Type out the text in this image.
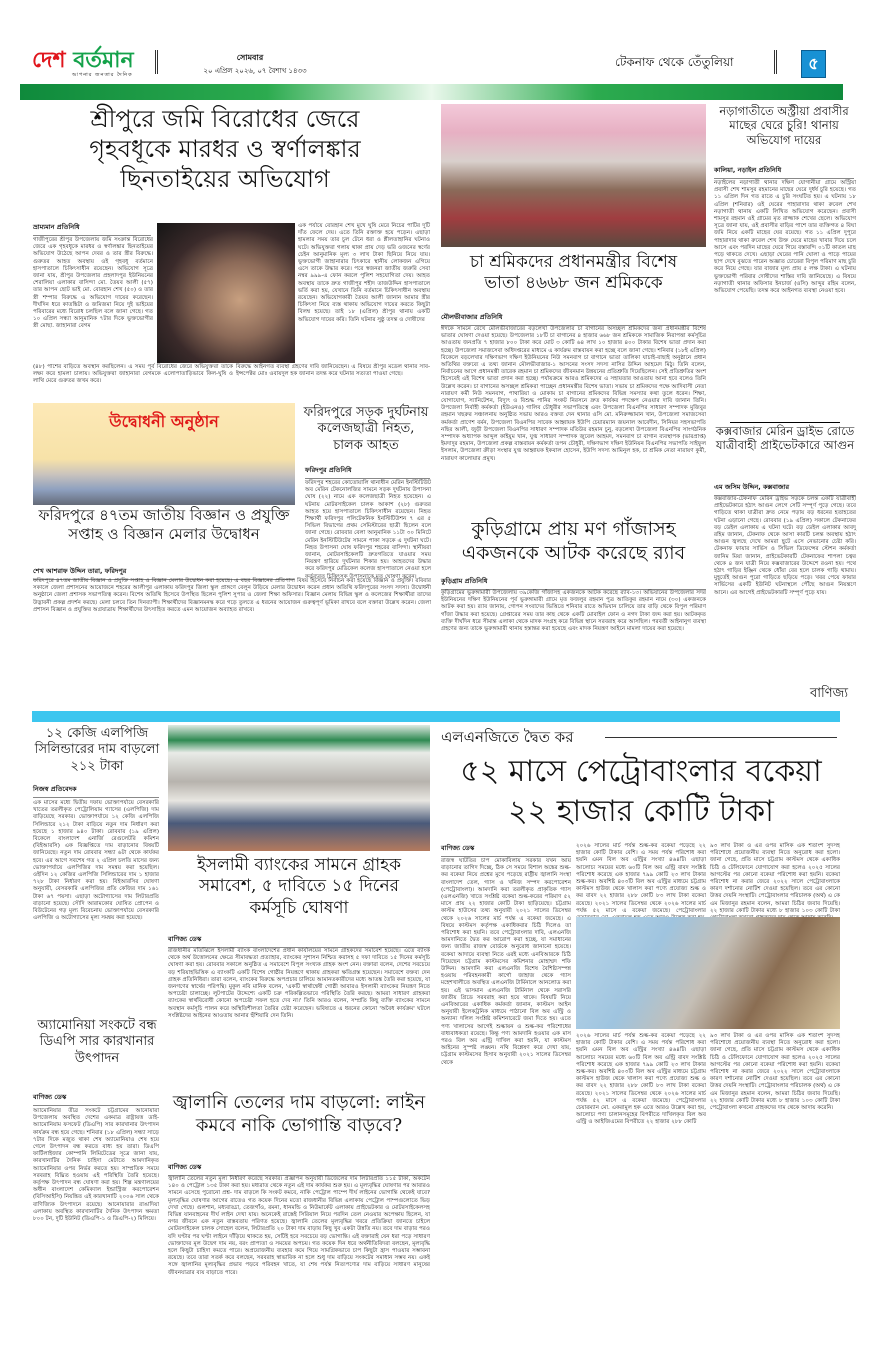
দেশ বর্তমান
আপনার জনতার দৈনিক
সোমবার
২০ এপ্রিল ২০২৬, ০৭ বৈশাখ ১৪৩৩
টেকনাফ থেকে তেঁতুলিয়া	৫
শ্রীপুরে জমি বিরোধের জেরে
গৃহবধূকে মারধর ও স্বর্ণালঙ্কার
ছিনতাইয়ের অভিযোগ
ভ্রাম্যমান প্রতিনিধি
গাজীপুরের শ্রীপুর উপজেলায় জমি সংক্রান্ত বিরোধের জেরে এক গৃহবধূকে মারধর ও স্বর্ণালঙ্কার ছিনতাইয়ের অভিযোগ উঠেছে আপন দেবর ও তার স্ত্রীর বিরুদ্ধে। গুরুতর আহত অবস্থায় ওই গৃহবধূ বর্তমানে হাসপাতালে চিকিৎসাধীন রয়েছেন। অভিযোগ সূত্রে জানা যায়, শ্রীপুর উপজেলার প্রহলাদপুর ইউনিয়নের শেরালিয়া এলাকার বাসিন্দা মো. তৈয়ব আলী (৫৭) তার আপন ছোট ভাই মো. বোরহান শেখ (৫০) ও তার স্ত্রী শম্পার বিরুদ্ধে এ অভিযোগ দায়ের করেছেন। দীর্ঘদিন ধরে কাতঙ্কিটা ও জমিজমা নিয়ে দুই ভাইয়ের পরিবারের মধ্যে বিরোধ চলছিল বলে জানা গেছে। গত ১০ এপ্রিল সন্ধ্যা আনুমানিক ৭টার দিকে ভুক্তভোগীর স্ত্রী মোছা. জাহানারা বেগম
(৪৮) পাশের বাড়িতে অবস্থান করছিলেন। এ সময় পূর্ব বিরোধের জেরে অভিযুক্তরা তাকে লক্ষ্য করে হামলা চালায়। অভিযুক্তরা জাহানারা বেগমকে এলোপাতাড়িভাবে কিল-ঘুষি ও লাথি মেরে গুরুতর জখম করে।
এক পর্যায়ে বোরহান শেখ মুখে ঘুষি মেরে নিচের পাটির দুটি দাঁত ফেলে দেয়। এতে তিনি রক্তাক্ত হয়ে পড়েন। এছাড়া হামলার সময় তার চুল টেনে ধরা ও শ্লীলতাহানির ঘটনাও ঘটে। অভিযুক্তরা গলায় থাকা প্রায় দেড় ভরি ওজনের স্বর্ণের চেইন আনুমানিক মূল্য ৩ লাখ টাকা ছিনিয়ে নিয়ে যায়। ভুক্তভোগী জাহানারার চিৎকারে স্থানীয় লোকজন এগিয়ে এসে তাকে উদ্ধার করে। পরে স্বজনরা জাতীয় জরুরি সেবা নম্বর ৯৯৯-এ ফোন করলে পুলিশ সহযোগিতা দেয়। আহত অবস্থায় তাকে দ্রুত গাজীপুর শহীদ তাজউদ্দিন হাসপাতালে ভর্তি করা হয়, যেখানে তিনি বর্তমানে চিকিৎসাধীন অবস্থায় রয়েছেন। অভিযোগকারী তৈয়ব আলী জানান আমার স্ত্রীর চিকিৎসা নিয়ে ব্যস্ত থাকায় অভিযোগ দায়ের করতে কিছুটা বিলম্ব হয়েছে। তাই ১৮ (এপ্রিল) শ্রীপুর থানায় একটি অভিযোগ দায়ের করি। তিনি ঘটনার সুষ্ঠু তদন্ত ও দোষীদের
বিরুদ্ধে আইনগত ব্যবস্থা গ্রহণের দাবি জানিয়েছেন। এ বিষয়ে শ্রীপুর মডেল থানার সাব-ইন্সপেক্টর মোঃ ওবায়দুল হক জানান তদন্ত করে ঘটনার সত্যতা পাওয়া গেছে।
চা শ্রমিকদের প্রধানমন্ত্রীর বিশেষ
ভাতা ৪৬৬৮ জন শ্রমিককে
মৌলভীবাজার প্রতিনিধি
ঈদকে সামনে রেখে মৌলভীবাজারের বড়লেখা উপজেলার চা বাগানের অসচ্ছল শ্রমিকদের জন্য প্রধানমন্ত্রীর বিশেষ ভাতার ঘোষণা দেওয়া হয়েছে। উপজেলার ১৮টি চা বাগানের ৪ হাজার ৬৬৮ জন শ্রমিককে সামাজিক নিরাপত্তা কর্মসূচির আওতায় জনপ্রতি ৭ হাজার ৮০০ টাকা করে মোট ৩ কোটি ৬৪ লাখ ১০ হাজার ৪০০ টাকার বিশেষ ভাতা প্রদান করা হচ্ছে। উপজেলা সমাজসেবা অধিদপ্তরের মাধ্যমে এ কার্যক্রম বাস্তবায়ন করা হচ্ছে বলে জানা গেছে। শনিবার (১৮ই এপ্রিল) বিকেলে বড়লেখার দক্ষিণভাগ দক্ষিণ ইউনিয়নের নিউ সমনবাগ চা বাগানে ভাতা তালিকা যাচাই-বাছাই অনুষ্ঠানে প্রধান অতিথির বক্তব্যে এ তথ্য জানান মৌলভীবাজার-১ আসনের সংসদ সদস্য নাসির উদ্দিন আহমেদ মিঠু। তিনি বলেন, নির্বাচনের আগে প্রধানমন্ত্রী তারেক রহমান চা শ্রমিকদের জীবনমান উন্নয়নের প্রতিশ্রুতি দিয়েছিলেন। সেই প্রতিশ্রুতির অংশ হিসেবেই এই বিশেষ ভাতা প্রদান করা হচ্ছে। পর্যায়ক্রমে আরও শ্রমিকদের এ সহায়তার আওতায় আনা হবে বলেও তিনি উল্লেখ করেন। চা বাগানের অসচ্ছল শ্রমিকরা পাচ্ছেন প্রধানমন্ত্রীর বিশেষ ভাতা। সভায় চা শ্রমিকদের পক্ষে আদিবাসী নেতা নারায়ণ কর্মী নিউ সমনবাগ, পাথারিয়া ও মোকাম চা বাগানের শ্রমিকদের বিভিন্ন সমস্যার কথা তুলে ধরেন। শিক্ষা, যোগাযোগ, স্যানিটেশন, বিদ্যুৎ ও বিশুদ্ধ পানির সংকট নিরসনে দ্রুত কার্যকর পদক্ষেপ নেওয়ার দাবি জানান তিনি। উপজেলা নির্বাহী কর্মকর্তা (ইউএনও) গালিব চৌধুরীর সভাপতিত্বে এবং উপজেলা বিএনপির সাধারণ সম্পাদক মুজিবুর রহমান খছরুর সঞ্চালনায় অনুষ্ঠিত সভায় আরও বক্তব্য দেন থানার ওসি মো. মনিরুজ্জামান খান, উপজেলা সমাজসেবা কর্মকর্তা প্রাণেশ বর্মন, উপজেলা বিএনপির সাবেক আহ্বায়ক ইউপি চেয়ারম্যান জয়নাল আবেদীন, সিনিয়র সহসভাপতি নছির আলী, জুড়ী উপজেলা বিএনপির সাধারণ সম্পাদক মতিউর রহমান চুনু, বড়লেখা উপজেলা বিএনপির সাংগঠনিক সম্পাদক অধ্যাপক আব্দুল কাইয়ুম খান, যুগ্ম সাধারণ সম্পাদক জুবেল আহমদ, সমনবাগ চা বাগান ব্যবস্থাপক (ভারপ্রাপ্ত) ইমদাদুর রহমান, উপজেলা প্রকল্প বাস্তবায়ন কর্মকর্তা তপন চৌধুরী, দক্ষিণভাগ দক্ষিণ ইউনিয়ন বিএনপির সভাপতি সাইফুল ইসলাম, উপজেলা ক্রীড়া সংস্থার যুগ্ম আহ্বায়ক ইকবাল হোসেন, ইউপি সদস্য আমিনুল হক, চা শ্রমিক নেতা নারায়ণ কুর্মী, নারায়ণ কালোয়ার প্রমুখ।
নড়াগাতীতে অস্ট্রীয়া প্রবাসীর মাছের ঘেরে চুরি! থানায় অভিযোগ দায়ের
কালিয়া, নড়াইল প্রতিনিধি
নড়াইলের নড়াগাতী থানার দক্ষিণ যোগানীয়া গ্রামে অস্ট্রিয়া প্রবাসী শেখ শামসুর রহমানের মাছের ঘেরে দুর্ধর্ষ চুরি হয়েছে। গত ১১ এপ্রিল দিন গত রাতে এ চুরি সংঘটিত হয়। এ ঘটনায় ১৮ এপ্রিল (শনিবার) ওই ঘেরের পাহারাদার থাকা রুবেল শেখ নড়াগাতী থানায় একটি লিখিত অভিযোগ করেছেন। প্রবাসী শামসুর রহমান ওই গ্রামের মৃত রাজ্জাক শেখের ছেলে। অভিযোগ সূত্রে জানা যায়, ওই প্রবাসীর বাড়ির পাশে তার ব্যক্তিগত ৪ বিঘা জমি নিয়ে একটি মাছের ঘের রয়েছে। গত ১১ এপ্রিল দুপুরে পাহারাদার থাকা রুবেল শেখ উক্ত ঘেরে মাছের খাবার দিয়ে চলে আসে এবং পরদিন মাছের ঘেরে গিয়ে বস্তাবন্দি ০১টি কাতল মাছ পড়ে থাকতে দেখে। এছাড়া ঘেরের পানি ঘোলা ও পাড়ে পায়ের ছাপ দেখে বুঝতে পারেন অজ্ঞাত চোরেরা বিপুল পরিমাণ মাছ চুরি করে নিয়ে গেছে। যার বাজার মূল্য প্রায় ৫ লক্ষ টাকা। এ ঘটনায় ভুক্তভোগী পরিবার দোষীদের শাস্তির দাবি জানিয়েছে। এ বিষয়ে নড়াগাতী থানার অফিসার ইনচার্জ (ওসি) আব্দুর রহিম বলেন, অভিযোগ পেয়েছি। তদন্ত করে আইনগত ব্যবস্থা নেওয়া হবে।
উদ্বোধনী অনুষ্ঠান
ফরিদপুরে ৪৭তম জাতীয় বিজ্ঞান ও প্রযুক্তি
সপ্তাহ ও বিজ্ঞান মেলার উদ্বোধন
শেখ আশরাফ উদ্দিন তারা, ফরিদপুর
ফরিদপুরে ৪৭তম জাতীয় বিজ্ঞান ও প্রযুক্তি সপ্তাহ ও বিজ্ঞান মেলার উদ্বোধন করা হয়েছে। এ বছর বিজ্ঞানের প্রতিপাদ্য বিষয় হিসেবে নির্বাচন করা হয়েছে বিজ্ঞান ও প্রযুক্তি। রবিবার সকালে জেলা প্রশাসনের আয়োজনে শহরের আলীপুর এলাকায় ফরিদপুর জিলা স্কুল প্রাঙ্গণে বেলুন উড়িয়ে মেলার উদ্বোধন করেন প্রধান অতিথি ফরিদপুরের সংসদ সদস্য। উদ্বোধনী অনুষ্ঠানে জেলা প্রশাসক সভাপতিত্ব করেন। বিশেষ অতিথি হিসেবে উপস্থিত ছিলেন পুলিশ সুপার ও জেলা শিক্ষা অফিসার। বিজ্ঞান মেলায় বিভিন্ন স্কুল ও কলেজের শিক্ষার্থীরা তাদের উদ্ভাবনী প্রকল্প প্রদর্শন করছে। মেলা চলবে তিন দিনব্যাপী। শিক্ষার্থীদের বিজ্ঞানমনস্ক করে গড়ে তুলতে এ ধরনের আয়োজন গুরুত্বপূর্ণ ভূমিকা রাখবে বলে বক্তারা উল্লেখ করেন। জেলা প্রশাসন বিজ্ঞান ও প্রযুক্তির অগ্রযাত্রায় শিক্ষার্থীদের উৎসাহিত করতে এমন আয়োজন অব্যাহত রাখবে।
ফরিদপুরে সড়ক দুর্ঘটনায় কলেজছাত্রী নিহত, চালক আহত
ফরিদপুর প্রতিনিধি
ফরিদপুর শহরের কোতোয়ালি থানাধীন মেরিন ইনস্টিটিউট অব মেরিন টেকনোলজির সামনে সড়ক দুর্ঘটনায় উপাসনা ঘোষ (২২) নামে এক কলেজছাত্রী নিহত হয়েছেন। এ ঘটনায় মোটরসাইকেল চালক আকাশ (২৮) গুরুতর আহত হয়ে হাসপাতালে চিকিৎসাধীন রয়েছেন। নিহত শিক্ষার্থী ফরিদপুর পলিটেকনিক ইনস্টিটিউশন ৭ এর ৫ সিভিল বিভাগের প্রথম সেমিস্টারের ছাত্রী ছিলেন বলে জানা গেছে। রোববার বেলা আনুমানিক ১১টা ৩০ মিনিটে মেরিন ইনস্টিটিউটের সামনে পাকা সড়কে এ দুর্ঘটনা ঘটে। নিহত উপাসনা ঘোষ ফরিদপুর শহরের বাসিন্দা। স্থানীয়রা জানান, মোটরসাইকেলটি দ্রুতগতিতে যাওয়ার সময় নিয়ন্ত্রণ হারিয়ে দুর্ঘটনার শিকার হয়। আহতদের উদ্ধার করে ফরিদপুর মেডিকেল কলেজ হাসপাতালে নেওয়া হলে কর্তব্যরত চিকিৎসক উপাসনাকে মৃত ঘোষণা করেন।
কুড়িগ্রামে প্রায় মণ গাঁজাসহ
একজনকে আটক করেছে র‍্যাব
কুড়িগ্রাম প্রতিনিধি
কুড়িগ্রামের ভুরুঙ্গামারী উপজেলায় ৩৯কেজি গাঁজাসহ একজনকে আটক করেছে র‍্যাব-১৩। অভিযানের উপজেলার সদর ইউনিয়নের দক্ষিণ ইউনিয়নের পূর্ব ভুরুঙ্গামারী গ্রামে মৃত ফজলুর রহমান পুত্র আতিকুর রহমান নামে (৩০) একজনকে আটক করা হয়। র‍্যাব জানায়, গোপন সংবাদের ভিত্তিতে শনিবার রাতে অভিযান চালিয়ে তার বাড়ি থেকে বিপুল পরিমাণ গাঁজা উদ্ধার করা হয়েছে। গ্রেপ্তারের সময় তার কাছ থেকে একটি মোবাইল ফোন ও নগদ টাকা জব্দ করা হয়। আটককৃত ব্যক্তি দীর্ঘদিন ধরে সীমান্ত এলাকা থেকে মাদক সংগ্রহ করে বিভিন্ন স্থানে সরবরাহ করে আসছিল। পরবর্তী আইনানুগ ব্যবস্থা গ্রহণের জন্য তাকে ভুরুঙ্গামারী থানায় হস্তান্তর করা হয়েছে এবং মাদক নিয়ন্ত্রণ আইনে মামলা দায়ের করা হয়েছে।
কক্সবাজার মেরিন ড্রাইভ রোডে যাত্রীবাহী প্রাইভেটকারে আগুন
এম জসিম উদ্দিন, কক্সবাজার
কক্সবাজার-টেকনাফ মেরিন ড্রাইভ সড়কে চলন্ত একটি যাত্রীবাহী প্রাইভেটকারে হঠাৎ আগুন লেগে সেটি সম্পূর্ণ পুড়ে গেছে। তবে গাড়িতে থাকা যাত্রীরা দ্রুত নেমে পড়ায় বড় ধরনের হতাহতের ঘটনা এড়ানো গেছে। রোববার (১৯ এপ্রিল) সকালে টেকনাফের বড় ডেইল এলাকায় এ ঘটনা ঘটে। বড় ডেইল এলাকার আবদু রহিম জানান, টেকনাফ থেকে আসা কারটি চলন্ত অবস্থায় হঠাৎ আগুন জ্বলছে দেখে আমরা ছুটে এসে নেভানোর চেষ্টা করি। টেকনাফ ফায়ার সার্ভিস ও সিভিল ডিফেন্সের স্টেশন কর্মকর্তা জানিম মিয়া জানান, প্রাইভেটকারটি টেকনাফের শাপলা চত্বর থেকে ৪ জন যাত্রী নিয়ে কক্সবাজারের উদ্দেশে রওনা হয়। পথে হঠাৎ গাড়ির ইঞ্জিন থেকে ধোঁয়া বের হলে চালক গাড়ি থামায়। মুহূর্তেই আগুন পুরো গাড়িতে ছড়িয়ে পড়ে। খবর পেয়ে ফায়ার সার্ভিসের একটি ইউনিট ঘটনাস্থলে পৌঁছে আগুন নিয়ন্ত্রণে আনে। এর আগেই প্রাইভেটকারটি সম্পূর্ণ পুড়ে যায়।
বাণিজ্য
১২ কেজি এলপিজি সিলিন্ডারের দাম বাড়লো ২১২ টাকা
নিজস্ব প্রতিবেদক
এক মাসের মধ্যে দ্বিতীয় দফায় ভোক্তাপর্যায়ে বেসরকারি খাতের তরলীকৃত পেট্রোলিয়াম গ্যাসের (এলপিজি) দাম বাড়িয়েছে সরকার। ভোক্তাপর্যায়ে ১২ কেজি এলপিজি সিলিন্ডারে ২১২ টাকা বাড়িয়ে নতুন দাম নির্ধারণ করা হয়েছে ১ হাজার ৯৪০ টাকা। রোববার (১৯ এপ্রিল) বিকেলে বাংলাদেশ এনার্জি রেগুলেটরি কমিশন (বিইআরসি) এক বিজ্ঞপ্তিতে দাম বাড়ানোর বিষয়টি জানিয়েছে। নতুন দাম রোববার সন্ধ্যা ৬টা থেকে কার্যকর হবে। এর আগে সবশেষ গত ২ এপ্রিল চলতি মাসের জন্য ভোক্তাপর্যায়ে এলপিজির দাম সমন্বয় করা হয়েছিল। ওইদিন ১২ কেজির এলপিজি সিলিন্ডারের দাম ১ হাজার ৭২৮ টাকা নির্ধারণ করা হয়। বিইআরসির ঘোষণা অনুযায়ী, বেসরকারি এলপিজির প্রতি কেজির দাম ১৬১ টাকা ৬৭ পয়সা। এছাড়া অটোগ্যাসের দাম লিটারপ্রতি বাড়ানো হয়েছে। সৌদি আরামকোর ঘোষিত প্রোপেন ও বিউটেনের গড় মূল্য বিবেচনায় ভোক্তাপর্যায়ে বেসরকারি এলপিজি ও অটোগ্যাসের মূল্য সমন্বয় করা হয়েছে।
অ্যামোনিয়া সংকটে বন্ধ ডিএপি সার কারখানার উৎপাদন
বাণিজ্য ডেস্ক
অ্যামোনিয়ার তীব্র সংকটে চট্টগ্রামের আনোয়ারা উপজেলায় অবস্থিত দেশের একমাত্র রাষ্ট্রায়ত্ত ডাই-অ্যামোনিয়াম ফসফেট (ডিএপি) সার কারখানার উৎপাদন কার্যক্রম বন্ধ হয়ে গেছে। শনিবার (১৮ এপ্রিল) সন্ধ্যা সাড়ে ৭টার দিকে মজুত থাকা শেষ অ্যামোনিয়াও শেষ হয়ে গেলে উৎপাদন বন্ধ করতে বাধ্য হয় তারা। ডিএপি ফার্টিলাইজার কোম্পানি লিমিটেডের সূত্রে জানা যায়, কারখানাটির দৈনিক চাহিদা মেটাতে আমদানিকৃত অ্যামোনিয়ার ওপর নির্ভর করতে হয়। সাম্প্রতিক সময়ে সরবরাহ বিঘ্নিত হওয়ায় এই পরিস্থিতি তৈরি হয়েছে। কর্তৃপক্ষ উৎপাদন বন্ধ ঘোষণা করা হয়। শিল্প মন্ত্রণালয়ের অধীন বাংলাদেশ কেমিক্যাল ইন্ডাস্ট্রিজ করপোরেশন (বিসিআইসি) নিয়ন্ত্রিত এই কারখানাটি ২০০৬ সাল থেকে বাণিজ্যিক উৎপাদনে রয়েছে। আনোয়ারার রাঙাদিয়া এলাকায় অবস্থিত কারখানাটির দৈনিক উৎপাদন ক্ষমতা ৮০০ টন, দুটি ইউনিট (ডিএপি-১ ও ডিএপি-২) মিলিয়ে।
ইসলামী ব্যাংকের সামনে গ্রাহক
সমাবেশ, ৫ দাবিতে ১৫ দিনের
কর্মসূচি ঘোষণা
বাণিজ্য ডেস্ক
রাজধানীর মতিঝিলে ইসলামী ব্যাংক বাংলাদেশের প্রধান কার্যালয়ের সামনে গ্রাহকদের সমাবেশ হয়েছে। এতে ব্যাংক থেকে অর্থ উত্তোলনের ক্ষেত্রে সীমাবদ্ধতা প্রত্যাহার, ব্যাংকের সুশাসন নিশ্চিত করাসহ ৫ দফা দাবিতে ১৫ দিনের কর্মসূচি ঘোষণা করা হয়। রোববার সকালে অনুষ্ঠিত এ সমাবেশে বিপুল সংখ্যক গ্রাহক অংশ নেন। বক্তারা বলেন, দেশের সবচেয়ে বড় শরিয়াহভিত্তিক এ ব্যাংকটি একটি বিশেষ গোষ্ঠীর নিয়ন্ত্রণে থাকায় গ্রাহকরা ক্ষতিগ্রস্ত হয়েছেন। সমাবেশে বক্তব্য দেন গ্রাহক প্রতিনিধিরা। তারা বলেন, ব্যাংকের বিরুদ্ধে অপপ্রচার চালিয়ে আমানতকারীদের মধ্যে আতঙ্ক তৈরি করা হয়েছে, যা জনগণের স্বার্থের পরিপন্থি। মুকুল নবি মানিক বলেন, 'একটি স্বার্থান্বেষী গোষ্ঠী আবারও ইসলামী ব্যাংকের নিয়ন্ত্রণ নিতে অপচেষ্টা চালাচ্ছে। লুটপাটের উদ্দেশ্যে একটি চক্র পরিকল্পিতভাবে পরিস্থিতি তৈরি করছে। আমরা সাধারণ গ্রাহকরা ব্যাংকের স্বার্থবিরোধী কোনো অপচেষ্টা সফল হতে দেব না।' তিনি আরও বলেন, সম্প্রতি কিছু ব্যক্তি ব্যাংকের সামনে অবস্থান কর্মসূচি পালন করে অস্থিতিশীলতা তৈরির চেষ্টা করেছেন। ভবিষ্যতে এ ধরনের কোনো 'অবৈধ কার্যক্রম' ঘটলে সংশ্লিষ্টদের আইনের আওতায় আনার হুঁশিয়ারি দেন তিনি।
জ্বালানি তেলের দাম বাড়লো: লাইন
কমবে নাকি ভোগান্তি বাড়বে?
বাণিজ্য ডেস্ক
জ্বালানি তেলের নতুন মূল্য নির্ধারণ করেছে সরকার। প্রজ্ঞাপন অনুযায়ী ডিজেলের দাম লিটারপ্রতি ১১৫ টাকা, অকটেন ১৪০ ও পেট্রোল ১৩৫ টাকা করা হয়। মধ্যরাত থেকে নতুন এই দাম কার্যকর শুরু হয়। এ মূল্যবৃদ্ধির ঘোষণার পর আবারও সামনে এসেছে পুরোনো প্রশ্ন- দাম বাড়লে কি সংকট কমবে, নাকি পেট্রোল পাম্পে দীর্ঘ লাইনের ভোগান্তি থেকেই যাবে? মূল্যবৃদ্ধির ঘোষণার আগের রাতেও গত কয়েক দিনের মতো রাজধানীর বিভিন্ন এলাকায় পেট্রোল পাম্পগুলোতে ভিড় দেখা গেছে। গুলশান, মধ্যবাড্ডা, তেজগাঁও, রমনা, ধানমন্ডি ও নিউমার্কেট এলাকায় প্রাইভেটকার ও মোটরসাইকেলসহ বিভিন্ন যানবাহনের দীর্ঘ লাইন দেখা যায়। অনেকেই রাস্তেই সিরিয়াল নিয়ে পরদিন তেল নেওয়ার অপেক্ষায় ছিলেন, যা নগর জীবনে এক নতুন বাস্তবতায় পরিণত হয়েছে। জ্বালানি তেলের মূল্যবৃদ্ধির খবরে প্রতিক্রিয়া জানতে চাইলে মোটরসাইকেল চালক সোহেল বলেন, লিটারপ্রতি ২০ টাকা দাম বাড়ায় কিছু খুব একটা উন্নতি নয়। তবে দাম বাড়ার পরও যদি ঘণ্টার পর ঘণ্টা লাইনে দাঁড়িয়ে থাকতে হয়, সেটিই হবে সবচেয়ে বড় ভোগান্তি। এই বক্তারাই যেন ধরা পড়ে সাধারণ ভোক্তাদের মূল উদ্বেগ দাম নয়, বরং প্রাপ্যতা ও সময়ের অপচয়। গত কয়েক দিন ধরে অর্থনীতিবিদরা বলছেন, মূল্যবৃদ্ধি হলে কিছুটা চাহিদা কমতে পারে। অপ্রয়োজনীয় ব্যবহার কমে গিয়ে সামগ্রিকভাবে চাপ কিছুটা হ্রাস পাওয়ার সম্ভাবনা রয়েছে। তবে তারা সতর্ক করে বলছেন, সরবরাহ স্বাভাবিক না হলে শুধু দাম বাড়িয়ে সংকটের সমাধান সম্ভব নয়। একই সঙ্গে জ্বালানির মূল্যবৃদ্ধির প্রভাব পড়বে পরিবহন খাতে, যা শেষ পর্যন্ত নিত্যপণ্যের দাম বাড়িয়ে সাধারণ মানুষের জীবনযাত্রার ব্যয় বাড়াতে পারে।
এলএনজিতে দ্বৈত কর
৫২ মাসে পেট্রোবাংলার বকেয়া
২২ হাজার কোটি টাকা
বাণিজ্য ডেস্ক
রাজস্ব ঘাটতির চাপ মোকাবিলায় সরকার যখন আয় বাড়ানোর তাগিদ দিচ্ছে, ঠিক সে সময়ে বিশাল অঙ্কের শুল্ক-কর বকেয়া নিয়ে প্রশ্নের মুখে পড়েছে রাষ্ট্রীয় জ্বালানি সংস্থা বাংলাদেশ তেল, গ্যাস ও খনিজ সম্পদ করপোরেশন (পেট্রোবাংলা)। আমদানি করা তরলীকৃত প্রাকৃতিক গ্যাস (এলএনজি) খাতে সংশ্লিষ্ট বকেয়া শুল্ক-করের পরিমাণ ৫২ মাসে প্রায় ২২ হাজার কোটি টাকা ছাড়িয়েছে। চট্টগ্রাম কাস্টম হাউসের তথ্য অনুযায়ী ২০২১ সালের ডিসেম্বর থেকে ২০২৬ সালের মার্চ পর্যন্ত এ বকেয়া জমেছে। এ বিষয়ে কাস্টমস কর্তৃপক্ষ একাধিকবার চিঠি দিলেও তা পরিশোধ করা হয়নি। তবে পেট্রোবাংলার দাবি, এলএনজি আমদানিতে দ্বৈত কর আরোপ করা হচ্ছে, যা সমাধানের জন্য জাতীয় রাজস্ব বোর্ডকে অনুরোধ জানানো হয়েছে। বকেয়া আদায়ে ব্যবস্থা নিতে এরই মধ্যে এনবিআরকে চিঠি দিয়েছেন চট্টগ্রাম কাস্টমসের কমিশনার মোহাম্মদ শফি উদ্দিন। আমদানি করা এলএনজি বিশেষ বৈশিষ্ট্যসম্পন্ন হওয়ায় পরিবহনকারী কার্গো জাহাজ থেকে গ্যাস মহেশখালীতে অবস্থিত এলএনজি টার্মিনালে আনলোড করা হয়। এই ভাসমান এলএনজি টার্মিনাল থেকে সরাসরি জাতীয় গ্রিডে সরবরাহ করা হয়ে থাকে। বিষয়টি নিয়ে এনবিআরের একাধিক কর্মকর্তা জানান, কাস্টমস আইন অনুযায়ী ইলেকট্রনিক মাধ্যমে পাঠানো বিল অব এন্ট্রি ও অন্যান্য দলিল সংশ্লিষ্ট কমিশনারেটে জমা দিতে হয়। এতে পণ্য খালাসের আগেই শুল্কায়ন ও শুল্ক-কর পরিশোধের বাধ্যবাধকতা রয়েছে। কিন্তু পণ্য আমদানি হওয়ার এক মাস পরও বিল অব এন্ট্রি দাখিল করা হয়নি, যা কাস্টমস আইনের সুস্পষ্ট লঙ্ঘন। নথি বিশ্লেষণ করে দেখা যায়, চট্টগ্রাম কাস্টমসের হিসাব অনুযায়ী ২০২১ সালের ডিসেম্বর থেকে
২০২৬ সালের মার্চ পর্যন্ত শুল্ক-কর বকেয়া পড়েছে ২২ হাজার কোটি টাকার বেশি। এ সময় পর্যন্ত পরিশোধ করা হয়নি এমন বিল অব এন্ট্রির সংখ্যা ৪৬৪টি। এছাড়া আলোচ্য সময়ের মধ্যে ৬০টি বিল অব এন্ট্রি বাবদ সংশ্লিষ্ট পরিশোধ করেছে এক হাজার ৭৯৯ কোটি ২৩ লাখ টাকার শুল্ক-কর। অবশিষ্ট ৪০৩টি বিল অব এন্ট্রির মাধ্যমে চট্টগ্রাম কাস্টমস হাউজ থেকে খালাস করা পণ্যে প্রযোজ্য শুল্ক ও কর বাবদ ২২ হাজার ২৮৮ কোটি ৮৩ লাখ টাকা বকেয়া রয়েছে। ২০২১ সালের ডিসেম্বর থেকে ২০২৬ সালের মার্চ পর্যন্ত ৫২ মাসে এ বকেয়া জমেছে। পেট্রোবাংলার
৯৩ লাখ টাকা ও এর ওপর মাসিক এক শতাংশ সুদসহ পরিশোধে প্রয়োজনীয় ব্যবস্থা নিতে অনুরোধ করা হলো। জানা গেছে, প্রতি মাসে চট্টগ্রাম কাস্টমস থেকে একাধিক চিঠি ও টেলিফোনে যোগাযোগ করা হলেও ২০২৫ সালের আগস্টের পর কোনো বকেয়া পরিশোধ করা হয়নি। বকেয়া পরিশোধ না করার জেরে ২০২২ সালে পেট্রোবাংলাকে কারণ দর্শানোর নোটিশ দেওয়া হয়েছিল। তবে এর কোনো উত্তর দেয়নি সংস্থাটি। পেট্রোবাংলার পরিচালক (অর্থ) এ কে এম মিজানুর রহমান বলেন, আমরা চিঠির জবাব দিয়েছি। ২২ হাজার কোটি টাকার মধ্যে ৮ হাজার ১০৩ কোটি টাকা
২০২৬ সালের মার্চ পর্যন্ত শুল্ক-কর বকেয়া পড়েছে ২২ হাজার কোটি টাকার বেশি। এ সময় পর্যন্ত পরিশোধ করা হয়নি এমন বিল অব এন্ট্রির সংখ্যা ৪৬৪টি। এছাড়া আলোচ্য সময়ের মধ্যে ৬০টি বিল অব এন্ট্রি বাবদ সংশ্লিষ্ট পরিশোধ করেছে এক হাজার ৭৯৯ কোটি ২৩ লাখ টাকার শুল্ক-কর। অবশিষ্ট ৪০৩টি বিল অব এন্ট্রির মাধ্যমে চট্টগ্রাম কাস্টমস হাউজ থেকে খালাস করা পণ্যে প্রযোজ্য শুল্ক ও কর বাবদ ২২ হাজার ২৮৮ কোটি ৮৩ লাখ টাকা বকেয়া রয়েছে। ২০২১ সালের ডিসেম্বর থেকে ২০২৬ সালের মার্চ পর্যন্ত ৫২ মাসে এ বকেয়া জমেছে। পেট্রোবাংলার চেয়ারম্যান মো. একরামুল হক এতে আরও উল্লেখ করা হয়, আলোচ্য পণ্য চালানসমূহের বিপরীতে দাখিলকৃত বিল অব এন্ট্রি ও আইজিএমের বিপরীতে ২২ হাজার ২৮৮ কোটি
৯৩ লাখ টাকা ও এর ওপর মাসিক এক শতাংশ সুদসহ পরিশোধে প্রয়োজনীয় ব্যবস্থা নিতে অনুরোধ করা হলো। জানা গেছে, প্রতি মাসে চট্টগ্রাম কাস্টমস থেকে একাধিক চিঠি ও টেলিফোনে যোগাযোগ করা হলেও ২০২৫ সালের আগস্টের পর কোনো বকেয়া পরিশোধ করা হয়নি। বকেয়া পরিশোধ না করার জেরে ২০২২ সালে পেট্রোবাংলাকে কারণ দর্শানোর নোটিশ দেওয়া হয়েছিল। তবে এর কোনো উত্তর দেয়নি সংস্থাটি। পেট্রোবাংলার পরিচালক (অর্থ) এ কে এম মিজানুর রহমান বলেন, আমরা চিঠির জবাব দিয়েছি। ২২ হাজার কোটি টাকার মধ্যে ৮ হাজার ১০৩ কোটি টাকা পেট্রোবাংলা কখনো গ্রাহকদের দাম থেকে আদায় করেনি।
